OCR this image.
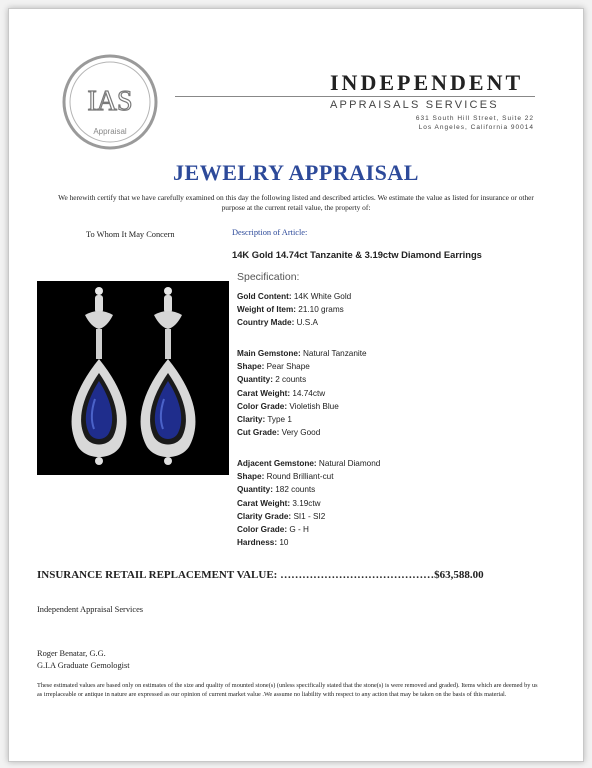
IAS
Appraisal
INDEPENDENT
APPRAISALS SERVICES
631 South Hill Street, Suite 22
Los Angeles, California 90014
JEWELRY APPRAISAL
We herewith certify that we have carefully examined on this day the following listed and described articles. We estimate the value as listed for insurance or other purpose at the current retail value, the property of:
To Whom It May Concern	Description of Article:
14K Gold 14.74ct Tanzanite & 3.19ctw Diamond Earrings
Specification:
Gold Content: 14K White Gold
Weight of Item: 21.10 grams
Country Made: U.S.A
Main Gemstone: Natural Tanzanite
Shape: Pear Shape
Quantity: 2 counts
Carat Weight: 14.74ctw
Color Grade: Violetish Blue
Clarity: Type 1
Cut Grade: Very Good
Adjacent Gemstone: Natural Diamond
Shape: Round Brilliant-cut
Quantity: 182 counts
Carat Weight: 3.19ctw
Clarity Grade: SI1 - SI2
Color Grade: G - H
Hardness: 10
INSURANCE RETAIL REPLACEMENT VALUE: ……………………………………$63,588.00
Independent Appraisal Services
Roger Benatar, G.G.
G.I.A Graduate Gemologist
These estimated values are based only on estimates of the size and quality of mounted stone(s) (unless specifically stated that the stone(s) is were removed and graded). Items which are deemed by us as irreplaceable or antique in nature are expressed as our opinion of current market value .We assume no liability with respect to any action that may be taken on the basis of this material.
